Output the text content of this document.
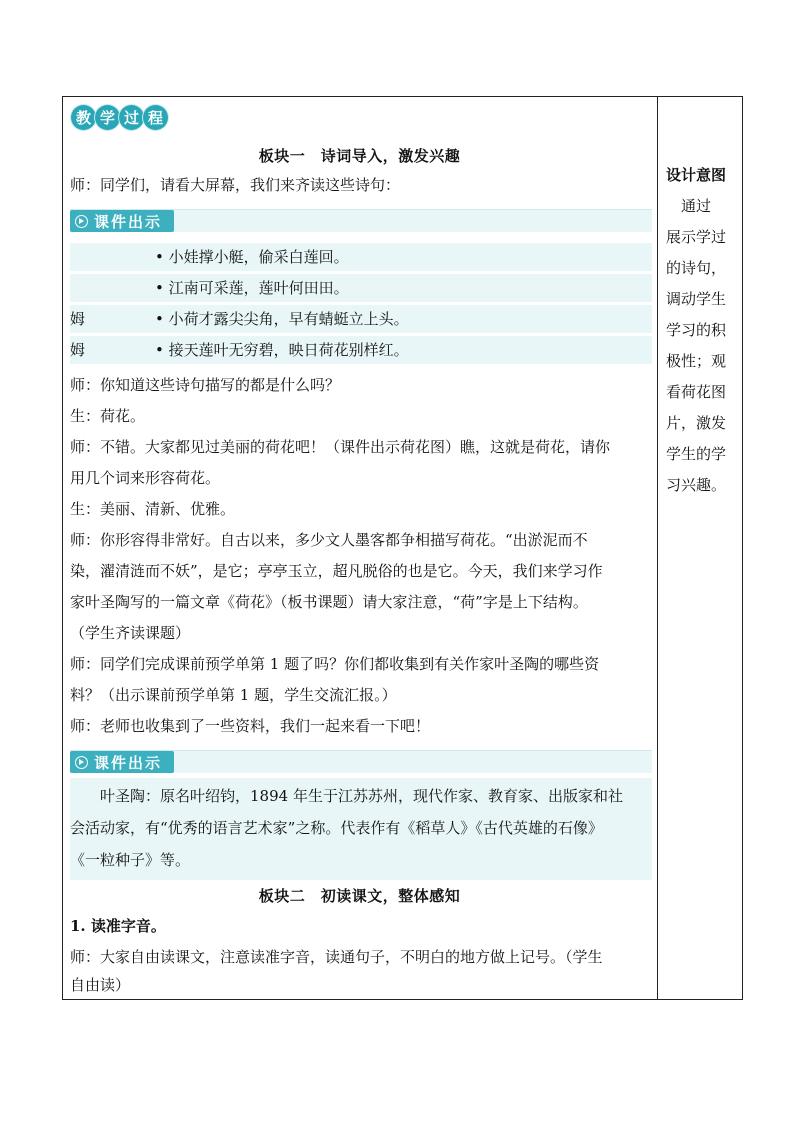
教 学 过 程
板块一　诗词导入，激发兴趣
师：同学们，请看大屏幕，我们来齐读这些诗句：
课件出示
• 小娃撑小艇，偷采白莲回。
• 江南可采莲，莲叶何田田。
姆	• 小荷才露尖尖角，早有蜻蜓立上头。
姆	• 接天莲叶无穷碧，映日荷花别样红。
师：你知道这些诗句描写的都是什么吗？
生：荷花。
师：不错。大家都见过美丽的荷花吧！（课件出示荷花图）瞧，这就是荷花，请你
用几个词来形容荷花。
生：美丽、清新、优雅。
师：你形容得非常好。自古以来，多少文人墨客都争相描写荷花。“出淤泥而不
染，濯清涟而不妖”，是它；亭亭玉立，超凡脱俗的也是它。今天，我们来学习作
家叶圣陶写的一篇文章《荷花》（板书课题）请大家注意，“荷”字是上下结构。
（学生齐读课题）
师：同学们完成课前预学单第 1 题了吗？你们都收集到有关作家叶圣陶的哪些资
料？（出示课前预学单第 1 题，学生交流汇报。）
师：老师也收集到了一些资料，我们一起来看一下吧！
课件出示
　　叶圣陶：原名叶绍钧，1894 年生于江苏苏州，现代作家、教育家、出版家和社
会活动家，有“优秀的语言艺术家”之称。代表作有《稻草人》《古代英雄的石像》
《一粒种子》等。
板块二　初读课文，整体感知
1. 读准字音。
师：大家自由读课文，注意读准字音，读通句子，不明白的地方做上记号。（学生
自由读）
设计意图
　通过
展示学过
的诗句，
调动学生
学习的积
极性；观
看荷花图
片，激发
学生的学
习兴趣。
